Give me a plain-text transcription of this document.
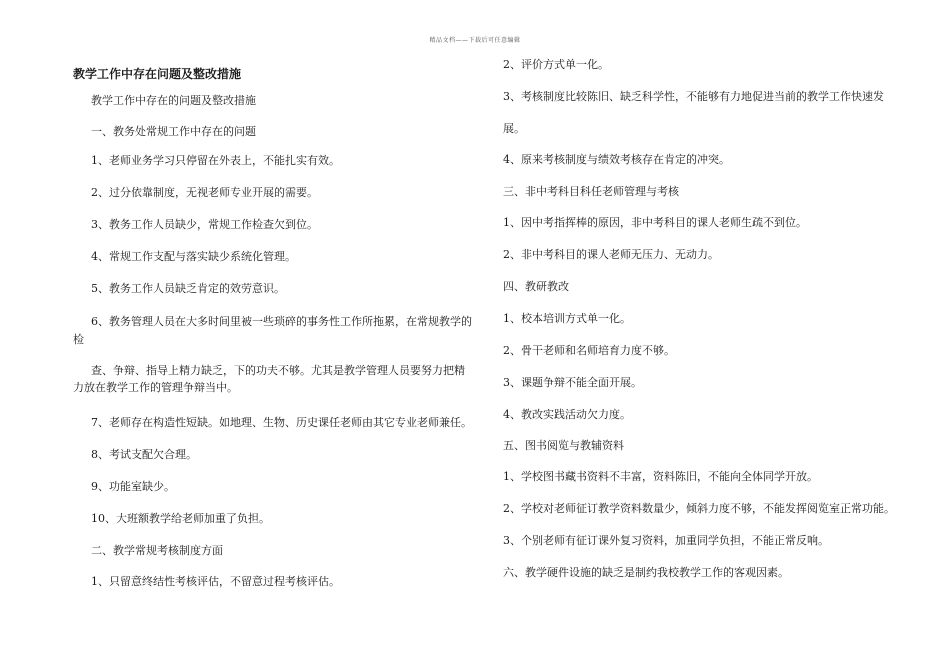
精品文档——下载后可任意编辑
教学工作中存在问题及整改措施
教学工作中存在的问题及整改措施
一、教务处常规工作中存在的问题
1、老师业务学习只停留在外表上，不能扎实有效。
2、过分依靠制度，无视老师专业开展的需要。
3、教务工作人员缺少，常规工作检查欠到位。
4、常规工作支配与落实缺少系统化管理。
5、教务工作人员缺乏肯定的效劳意识。
6、教务管理人员在大多时间里被一些琐碎的事务性工作所拖累，在常规教学的
检
查、争辩、指导上精力缺乏，下的功夫不够。尤其是教学管理人员要努力把精
力放在教学工作的管理争辩当中。
7、老师存在构造性短缺。如地理、生物、历史课任老师由其它专业老师兼任。
8、考试支配欠合理。
9、功能室缺少。
10、大班额教学给老师加重了负担。
二、教学常规考核制度方面
1、只留意终结性考核评估，不留意过程考核评估。
2、评价方式单一化。
3、考核制度比较陈旧、缺乏科学性，不能够有力地促进当前的教学工作快速发
展。
4、原来考核制度与绩效考核存在肯定的冲突。
三、非中考科目科任老师管理与考核
1、因中考指挥棒的原因，非中考科目的课人老师生疏不到位。
2、非中考科目的课人老师无压力、无动力。
四、教研教改
1、校本培训方式单一化。
2、骨干老师和名师培育力度不够。
3、课题争辩不能全面开展。
4、教改实践活动欠力度。
五、图书阅览与教辅资料
1、学校图书藏书资料不丰富，资料陈旧，不能向全体同学开放。
2、学校对老师征订教学资料数量少，倾斜力度不够，不能发挥阅览室正常功能。
3、个别老师有征订课外复习资料，加重同学负担，不能正常反响。
六、教学硬件设施的缺乏是制约我校教学工作的客观因素。
